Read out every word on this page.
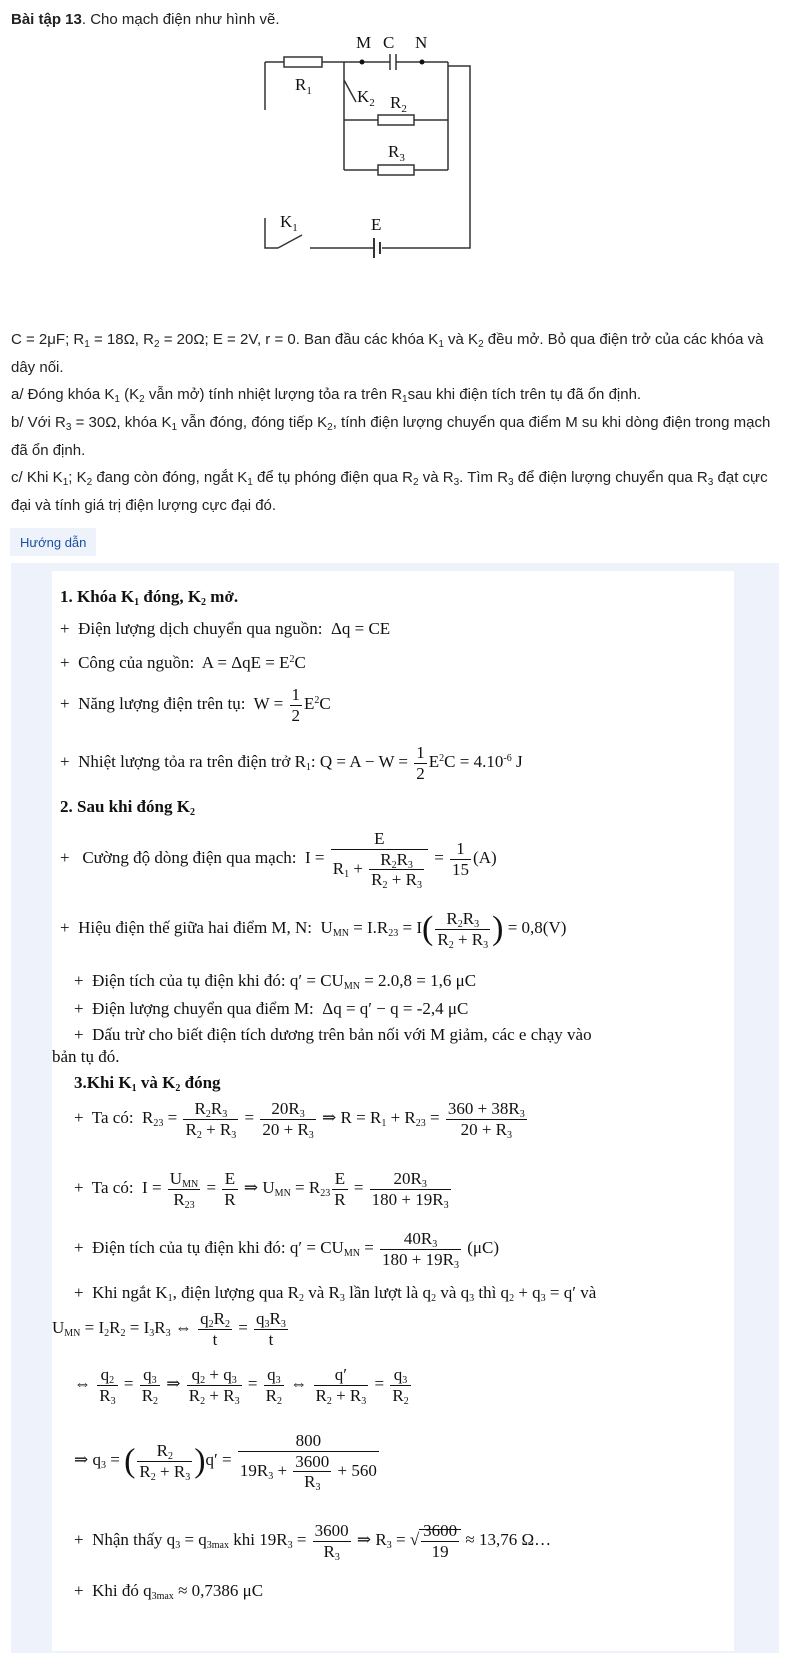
Bài tập 13. Cho mạch điện như hình vẽ.
M C N
$R_1$	$K_2$ $R_2$
$R_3$
$K_1$	E
C = 2μF; $R_1 = 18\Omega$, $R_2 = 20\Omega$; E = 2V, r = 0. Ban đầu các khóa $K_1$ và $K_2$ đều mở. Bỏ qua điện trở của các khóa và dây nối.
a/ Đóng khóa $K_1$ ($K_2$ vẫn mở) tính nhiệt lượng tỏa ra trên $R_1sau$ khi điện tích trên tụ đã ổn định.
b/ Với $R_3 = 30\Omega$, khóa $K_1$ vẫn đóng, đóng tiếp $K_2$, tính điện lượng chuyển qua điểm M su khi dòng điện trong mạch đã ổn định.
c/ Khi $K_1$; $K_2$ đang còn đóng, ngắt $K_1$ để tụ phóng điện qua $R_2$ và $R_3$. Tìm $R_3$ để điện lượng chuyển qua $R_3$ đạt cực đại và tính giá trị điện lượng cực đại đó.
Hướng dẫn
1. Khóa $K_1$ đóng, $K_2$ mở.
+  Điện lượng dịch chuyển qua nguồn:  Δq = CE
+  Công của nguồn:  $A = \Delta qE = E^2C$
+  Năng lượng điện trên tụ:  $W = \frac{1}{2} E^2C$
+  Nhiệt lượng tỏa ra trên điện trở $R_1$: $Q = A - W = \frac{1}{2} E^2C = 4.10^{-6}$ J
2. Sau khi đóng $K_2$
+   Cường độ dòng điện qua mạch:  $I = \frac{E}{R_1 + \frac{R_2R_3}{R_2 + R_3}} = \frac{1}{15} (A)$
+  Hiệu điện thế giữa hai điểm M, N:  $U_{MN} = I.R_{23} = I( \frac{R_2R_3}{R_2 + R_3}$ ) = 0,8(V)
+  Điện tích của tụ điện khi đó: $q' = CU_{MN} = 2.0,8 = 1,6$ μC
+  Điện lượng chuyển qua điểm M:  Δq = q′ − q = -2,4 μC
+  Dấu trừ cho biết điện tích dương trên bản nối với M giảm, các e chạy vào
bản tụ đó.
3.Khi $K_1$ và $K_2$ đóng
+  Ta có:  $R_{23} = \frac{R_2R_3}{R_2 + R_3} = \frac{20R_3}{20 + R_3}$ ⇒ $R = R_1 + R_{23} = \frac{360 + 38R_3}{20 + R_3}$
+  Ta có:  $I = \frac{U_{MN}}{R_{23}} = \frac{E}{R}$ ⇒ $U_{MN} = R_{23} \frac{E}{R} = \frac{20R_3}{180 + 19R_3}$
+  Điện tích của tụ điện khi đó: $q' = CU_{MN} = \frac{40R_3}{180 + 19R_3} (\mu C)$
+  Khi ngắt $K_1$, điện lượng qua $R_2$ và $R_3$ lần lượt là $q_2$ và $q_3$ thì $q_2 + q_3 = q'$ và
$U_{MN} = I_2R_2 = I_3R_3$ ⇔ $\frac{q_2R_2}{t} = \frac{q_3R_3}{t}$
⇔ $\frac{q_2}{R_3} = \frac{q_3}{R_2}$ ⇒ $\frac{q_2 + q_3}{R_2 + R_3} = \frac{q_3}{R_2}$ ⇔ $\frac{q'}{R_2 + R_3} = \frac{q_3}{R_2}$
⇒ $q_3$ = ( $\frac{R_2}{R_2 + R_3} )q' = \frac{800}{19R_3 + \frac{3600}{R_3} + 560}$
+  Nhận thấy $q_3 = q_{3max}$ khi $19R_3 = \frac{3600}{R_3}$ ⇒ $R_3$ = √ $\frac{3600}{19} \approx 13,76$ Ω…
+  Khi đó $q_{3max} \approx 0,7386$ μC
